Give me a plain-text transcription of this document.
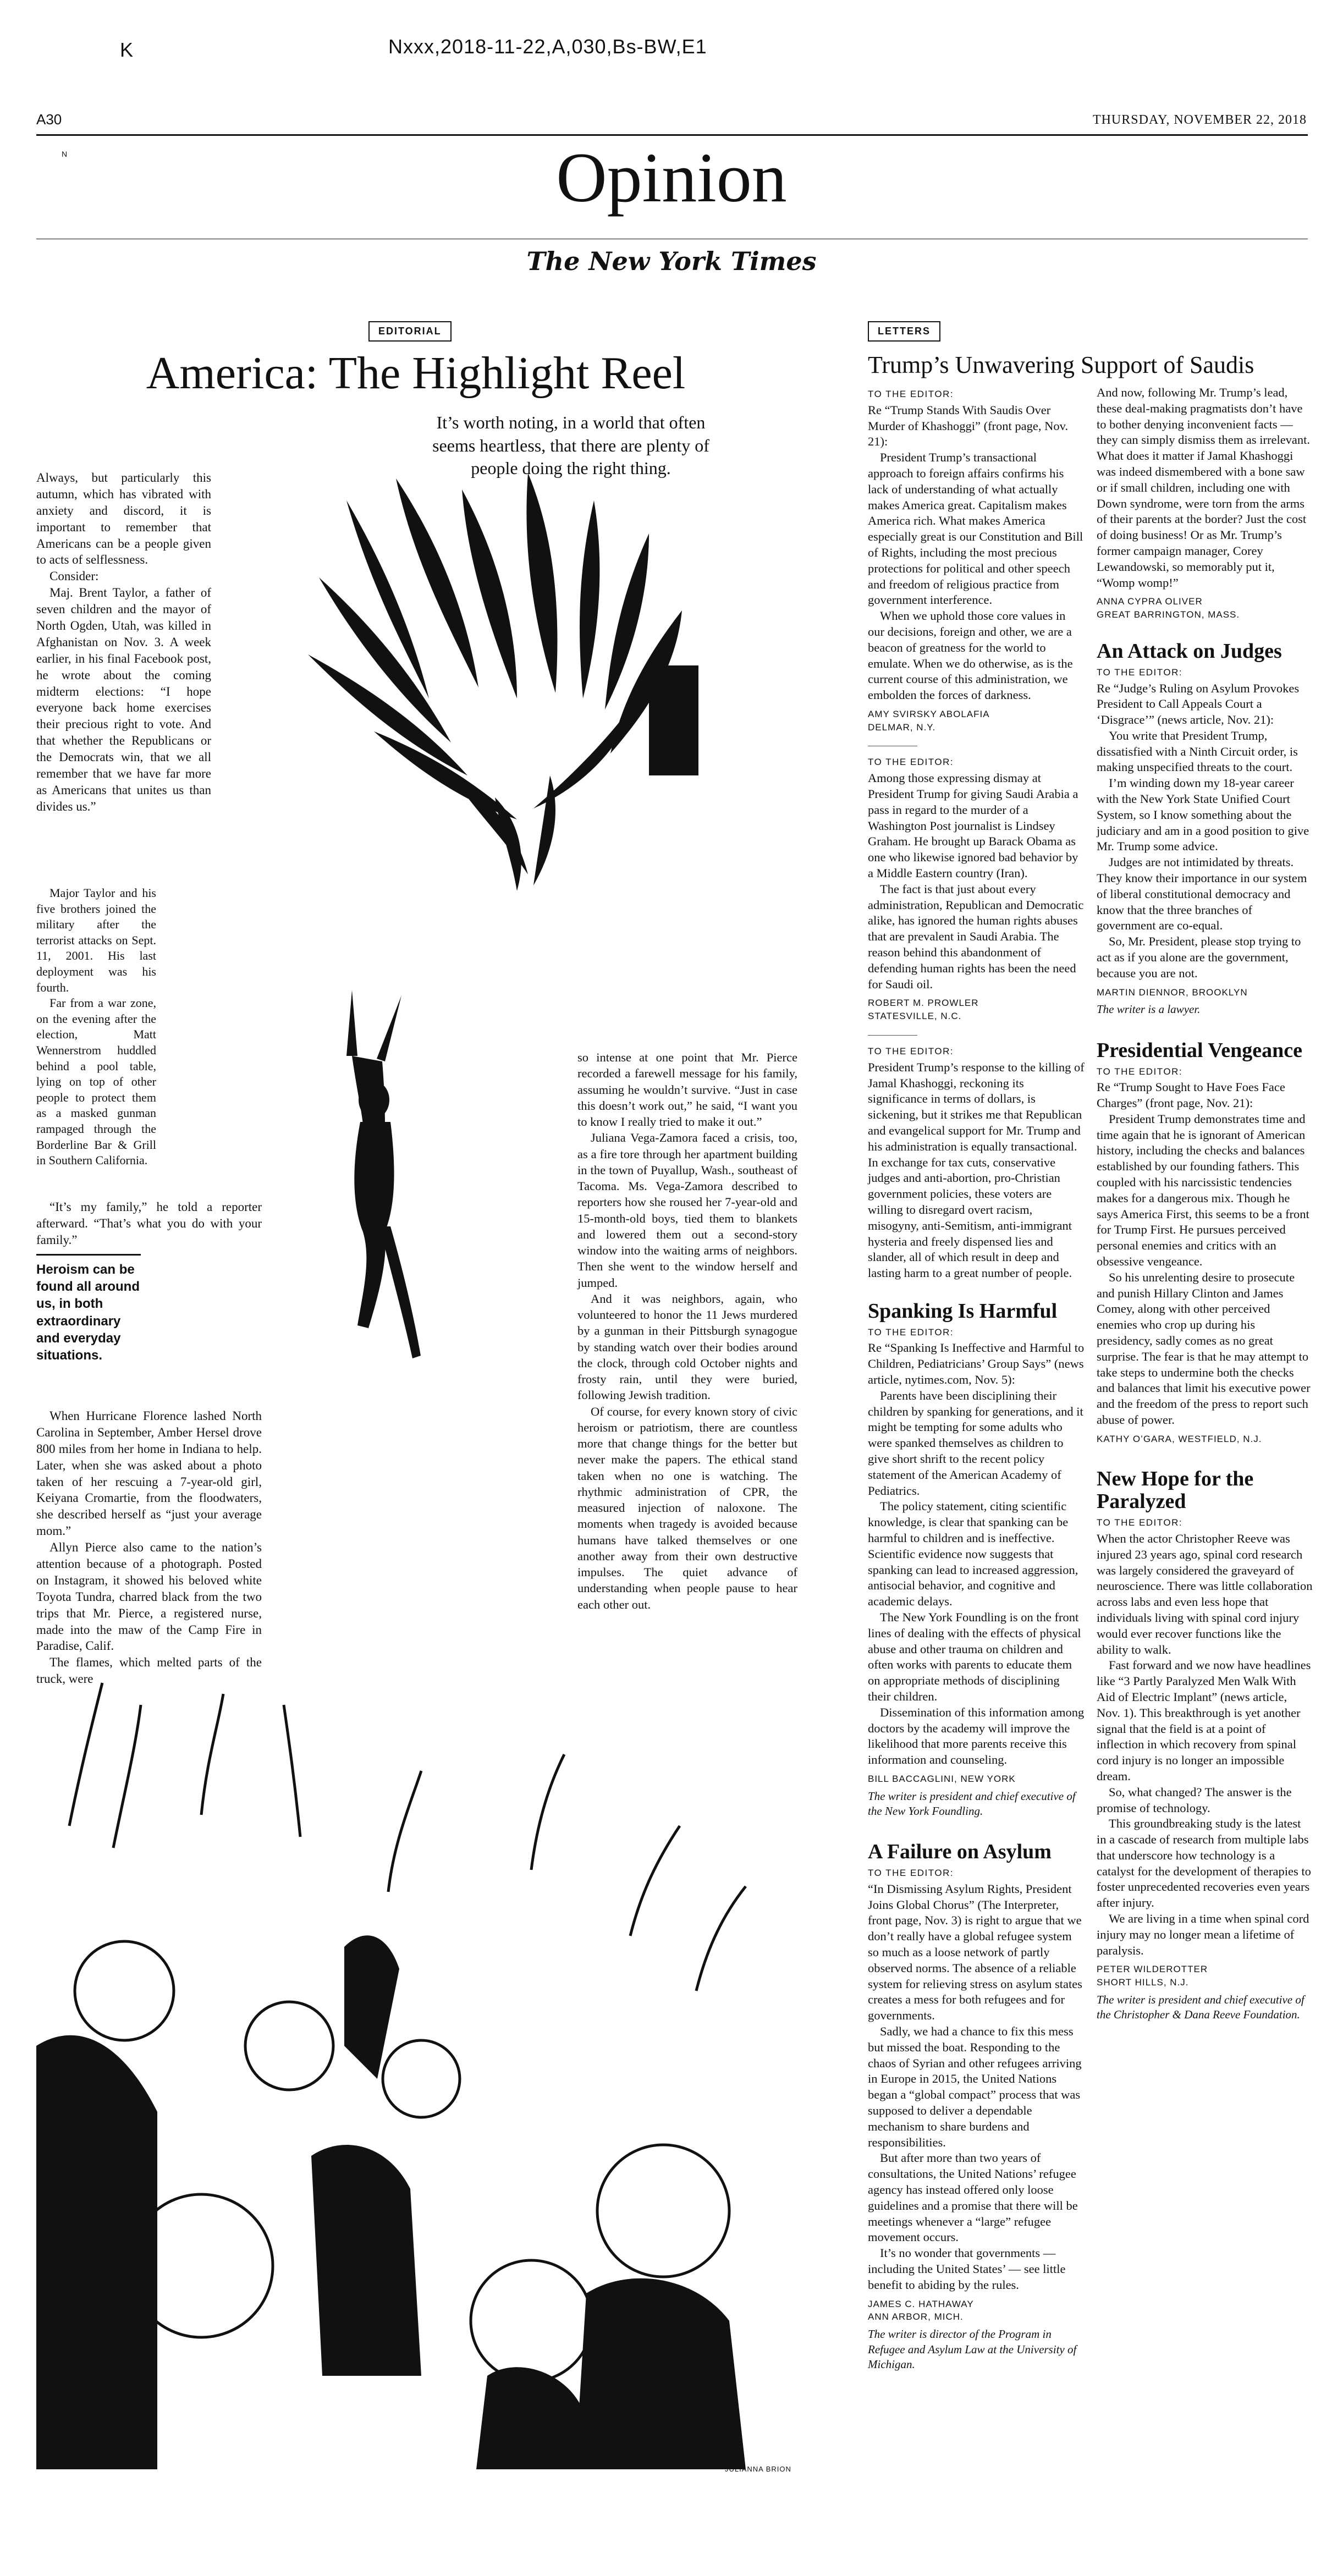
K	Nxxx,2018-11-22,A,030,Bs-BW,E1
A30	THURSDAY, NOVEMBER 22, 2018
N	Opinion
The New York Times
EDITORIAL
America: The Highlight Reel
It’s worth noting, in a world that often seems heartless, that there are plenty of people doing the right thing.

Always, but particularly this autumn, which has vibrated with anxiety and discord, it is important to remember that Americans can be a people given to acts of selflessness.

Consider:

Maj. Brent Taylor, a father of seven children and the mayor of North Ogden, Utah, was killed in Afghanistan on Nov. 3. A week earlier, in his final Facebook post, he wrote about the coming midterm elections: “I hope everyone back home exercises their precious right to vote. And that whether the Republicans or the Democrats win, that we all remember that we have far more as Americans that unites us than divides us.”

Major Taylor and his five brothers joined the military after the terrorist attacks on Sept. 11, 2001. His last deployment was his fourth.

Far from a war zone, on the evening after the election, Matt Wennerstrom huddled behind a pool table, lying on top of other people to protect them as a masked gunman rampaged through the Borderline Bar & Grill in Southern California.

“It’s my family,” he told a reporter afterward. “That’s what you do with your family.”

Heroism can be found all around us, in both extraordinary and everyday situations.

When Hurricane Florence lashed North Carolina in September, Amber Hersel drove 800 miles from her home in Indiana to help. Later, when she was asked about a photo taken of her rescuing a 7-year-old girl, Keiyana Cromartie, from the floodwaters, she described herself as “just your average mom.”

Allyn Pierce also came to the nation’s attention because of a photograph. Posted on Instagram, it showed his beloved white Toyota Tundra, charred black from the two trips that Mr. Pierce, a registered nurse, made into the maw of the Camp Fire in Paradise, Calif.

The flames, which melted parts of the truck, were

so intense at one point that Mr. Pierce recorded a farewell message for his family, assuming he wouldn’t survive. “Just in case this doesn’t work out,” he said, “I want you to know I really tried to make it out.”

Juliana Vega-Zamora faced a crisis, too, as a fire tore through her apartment building in the town of Puyallup, Wash., southeast of Tacoma. Ms. Vega-Zamora described to reporters how she roused her 7-year-old and 15-month-old boys, tied them to blankets and lowered them out a second-story window into the waiting arms of neighbors. Then she went to the window herself and jumped.

And it was neighbors, again, who volunteered to honor the 11 Jews murdered by a gunman in their Pittsburgh synagogue by standing watch over their bodies around the clock, through cold October nights and frosty rain, until they were buried, following Jewish tradition.

Of course, for every known story of civic heroism or patriotism, there are countless more that change things for the better but never make the papers. The ethical stand taken when no one is watching. The rhythmic administration of CPR, the measured injection of naloxone. The moments when tragedy is avoided because humans have talked themselves or one another away from their own destructive impulses. The quiet advance of understanding when people pause to hear each other out.

JULIANNA BRION
LETTERS
Trump’s Unwavering Support of Saudis
TO THE EDITOR:

Re “Trump Stands With Saudis Over Murder of Khashoggi” (front page, Nov. 21):

President Trump’s transactional approach to foreign affairs confirms his lack of understanding of what actually makes America great. Capitalism makes America rich. What makes America especially great is our Constitution and Bill of Rights, including the most precious protections for political and other speech and freedom of religious practice from government interference.

When we uphold those core values in our decisions, foreign and other, we are a beacon of greatness for the world to emulate. When we do otherwise, as is the current course of this administration, we embolden the forces of darkness.

AMY SVIRSKY ABOLAFIA
DELMAR, N.Y.
TO THE EDITOR:

Among those expressing dismay at President Trump for giving Saudi Arabia a pass in regard to the murder of a Washington Post journalist is Lindsey Graham. He brought up Barack Obama as one who likewise ignored bad behavior by a Middle Eastern country (Iran).

The fact is that just about every administration, Republican and Democratic alike, has ignored the human rights abuses that are prevalent in Saudi Arabia. The reason behind this abandonment of defending human rights has been the need for Saudi oil.

ROBERT M. PROWLER
STATESVILLE, N.C.
TO THE EDITOR:

President Trump’s response to the killing of Jamal Khashoggi, reckoning its significance in terms of dollars, is sickening, but it strikes me that Republican and evangelical support for Mr. Trump and his administration is equally transactional. In exchange for tax cuts, conservative judges and anti-abortion, pro-Christian government policies, these voters are willing to disregard overt racism, misogyny, anti-Semitism, anti-immigrant hysteria and freely dispensed lies and slander, all of which result in deep and lasting harm to a great number of people.

Spanking Is Harmful
TO THE EDITOR:

Re “Spanking Is Ineffective and Harmful to Children, Pediatricians’ Group Says” (news article, nytimes.com, Nov. 5):

Parents have been disciplining their children by spanking for generations, and it might be tempting for some adults who were spanked themselves as children to give short shrift to the recent policy statement of the American Academy of Pediatrics.

The policy statement, citing scientific knowledge, is clear that spanking can be harmful to children and is ineffective. Scientific evidence now suggests that spanking can lead to increased aggression, antisocial behavior, and cognitive and academic delays.

The New York Foundling is on the front lines of dealing with the effects of physical abuse and other trauma on children and often works with parents to educate them on appropriate methods of disciplining their children.

Dissemination of this information among doctors by the academy will improve the likelihood that more parents receive this information and counseling.

BILL BACCAGLINI, NEW YORK
The writer is president and chief executive of the New York Foundling.
A Failure on Asylum
TO THE EDITOR:

“In Dismissing Asylum Rights, President Joins Global Chorus” (The Interpreter, front page, Nov. 3) is right to argue that we don’t really have a global refugee system so much as a loose network of partly observed norms. The absence of a reliable system for relieving stress on asylum states creates a mess for both refugees and for governments.

Sadly, we had a chance to fix this mess but missed the boat. Responding to the chaos of Syrian and other refugees arriving in Europe in 2015, the United Nations began a “global compact” process that was supposed to deliver a dependable mechanism to share burdens and responsibilities.

But after more than two years of consultations, the United Nations’ refugee agency has instead offered only loose guidelines and a promise that there will be meetings whenever a “large” refugee movement occurs.

It’s no wonder that governments — including the United States’ — see little benefit to abiding by the rules.

JAMES C. HATHAWAY
ANN ARBOR, MICH.
The writer is director of the Program in Refugee and Asylum Law at the University of Michigan.

And now, following Mr. Trump’s lead, these deal-making pragmatists don’t have to bother denying inconvenient facts — they can simply dismiss them as irrelevant. What does it matter if Jamal Khashoggi was indeed dismembered with a bone saw or if small children, including one with Down syndrome, were torn from the arms of their parents at the border? Just the cost of doing business! Or as Mr. Trump’s former campaign manager, Corey Lewandowski, so memorably put it, “Womp womp!”

ANNA CYPRA OLIVER
GREAT BARRINGTON, MASS.
An Attack on Judges
TO THE EDITOR:

Re “Judge’s Ruling on Asylum Provokes President to Call Appeals Court a ‘Disgrace’” (news article, Nov. 21):

You write that President Trump, dissatisfied with a Ninth Circuit order, is making unspecified threats to the court.

I’m winding down my 18-year career with the New York State Unified Court System, so I know something about the judiciary and am in a good position to give Mr. Trump some advice.

Judges are not intimidated by threats. They know their importance in our system of liberal constitutional democracy and know that the three branches of government are co-equal.

So, Mr. President, please stop trying to act as if you alone are the government, because you are not.

MARTIN DIENNOR, BROOKLYN
The writer is a lawyer.
Presidential Vengeance
TO THE EDITOR:

Re “Trump Sought to Have Foes Face Charges” (front page, Nov. 21):

President Trump demonstrates time and time again that he is ignorant of American history, including the checks and balances established by our founding fathers. This coupled with his narcissistic tendencies makes for a dangerous mix. Though he says America First, this seems to be a front for Trump First. He pursues perceived personal enemies and critics with an obsessive vengeance.

So his unrelenting desire to prosecute and punish Hillary Clinton and James Comey, along with other perceived enemies who crop up during his presidency, sadly comes as no great surprise. The fear is that he may attempt to take steps to undermine both the checks and balances that limit his executive power and the freedom of the press to report such abuse of power.

KATHY O’GARA, WESTFIELD, N.J.
New Hope for the Paralyzed
TO THE EDITOR:

When the actor Christopher Reeve was injured 23 years ago, spinal cord research was largely considered the graveyard of neuroscience. There was little collaboration across labs and even less hope that individuals living with spinal cord injury would ever recover functions like the ability to walk.

Fast forward and we now have headlines like “3 Partly Paralyzed Men Walk With Aid of Electric Implant” (news article, Nov. 1). This breakthrough is yet another signal that the field is at a point of inflection in which recovery from spinal cord injury is no longer an impossible dream.

So, what changed? The answer is the promise of technology.

This groundbreaking study is the latest in a cascade of research from multiple labs that underscore how technology is a catalyst for the development of therapies to foster unprecedented recoveries even years after injury.

We are living in a time when spinal cord injury may no longer mean a lifetime of paralysis.

PETER WILDEROTTER
SHORT HILLS, N.J.
The writer is president and chief executive of the Christopher & Dana Reeve Foundation.
